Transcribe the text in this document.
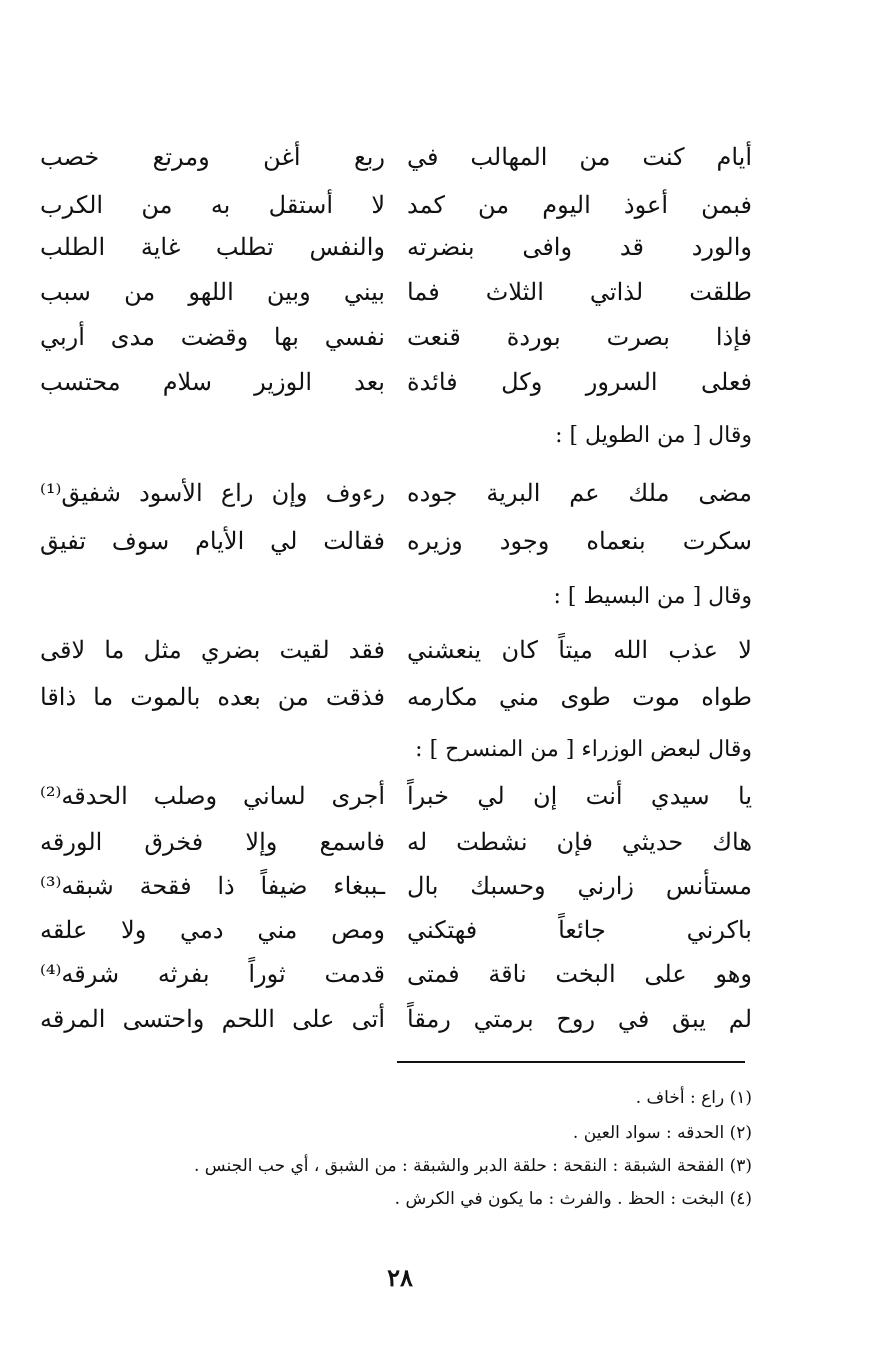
أيام كنت من المهالب في
ربع أغن ومرتع خصب
فبمن أعوذ اليوم من كمد
لا أستقل به من الكرب
والورد قد وافى بنضرته
والنفس تطلب غاية الطلب
طلقت لذاتي الثلاث فما
بيني وبين اللهو من سبب
فإذا بصرت بوردة قنعت
نفسي بها وقضت مدى أربي
فعلى السرور وكل فائدة
بعد الوزير سلام محتسب
وقال [ من الطويل ] :
مضى ملك عم البرية جوده
رءوف وإن راع الأسود شفيق⁽¹⁾
سكرت بنعماه وجود وزيره
فقالت لي الأيام سوف تفيق
وقال [ من البسيط ] :
لا عذب الله ميتاً كان ينعشني
فقد لقيت بضري مثل ما لاقى
طواه موت طوى مني مكارمه
فذقت من بعده بالموت ما ذاقا
وقال لبعض الوزراء [ من المنسرح ] :
يا سيدي أنت إن لي خبراً
أجرى لساني وصلب الحدقه⁽²⁾
هاك حديثي فإن نشطت له
فاسمع وإلا فخرق الورقه
مستأنس زارني وحسبك بال
ـببغاء ضيفاً ذا فقحة شبقه⁽³⁾
باكرني جائعاً فهتكني
ومص مني دمي ولا علقه
وهو على البخت ناقة فمتى
قدمت ثوراً بفرثه شرقه⁽⁴⁾
لم يبق في روح برمتي رمقاً
أتى على اللحم واحتسى المرقه
(١) راع : أخاف .
(٢) الحدقه : سواد العين .
(٣) الفقحة الشبقة : النقحة : حلقة الدبر والشبقة : من الشبق ، أي حب الجنس .
(٤) البخت : الحظ . والفرث : ما يكون في الكرش .
٢٨
